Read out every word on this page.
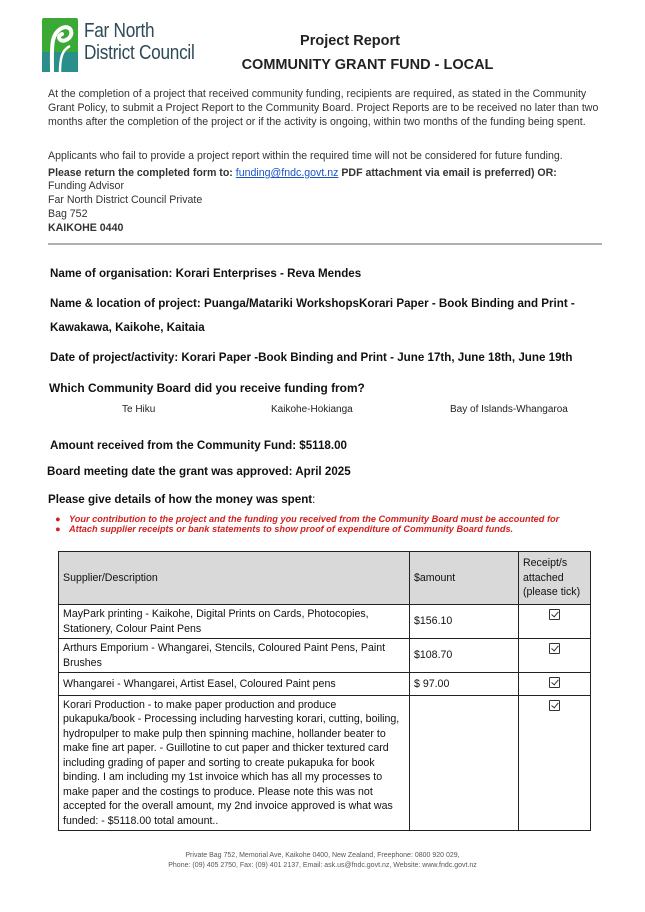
Far North
District Council
Project Report
COMMUNITY GRANT FUND - LOCAL
At the completion of a project that received community funding, recipients are required, as stated in the Community Grant Policy, to submit a Project Report to the Community Board. Project Reports are to be received no later than two months after the completion of the project or if the activity is ongoing, within two months of the funding being spent.
Applicants who fail to provide a project report within the required time will not be considered for future funding.
Please return the completed form to: funding@fndc.govt.nz PDF attachment via email is preferred) OR:
Funding Advisor
Far North District Council Private
Bag 752
KAIKOHE 0440
Name of organisation: Korari Enterprises - Reva Mendes
Name & location of project: Puanga/Matariki WorkshopsKorari Paper - Book Binding and Print -
Kawakawa, Kaikohe, Kaitaia
Date of project/activity: Korari Paper -Book Binding and Print - June 17th, June 18th, June 19th
Which Community Board did you receive funding from?
Te Hiku	Kaikohe-Hokianga	Bay of Islands-Whangaroa
Amount received from the Community Fund: $5118.00
Board meeting date the grant was approved: April 2025
Please give details of how the money was spent:
● Your contribution to the project and the funding you received from the Community Board must be accounted for
● Attach supplier receipts or bank statements to show proof of expenditure of Community Board funds.
Supplier/Description	$amount	Receipt/s attached (please tick)
MayPark printing - Kaikohe, Digital Prints on Cards, Photocopies, Stationery, Colour Paint Pens	$156.10	
Arthurs Emporium - Whangarei, Stencils, Coloured Paint Pens, Paint Brushes	$108.70	
Whangarei - Whangarei, Artist Easel, Coloured Paint pens	$ 97.00	
Korari Production - to make paper production and produce pukapuka/book - Processing including harvesting korari, cutting, boiling, hydropulper to make pulp then spinning machine, hollander beater to make fine art paper. - Guillotine to cut paper and thicker textured card including grading of paper and sorting to create pukapuka for book binding. I am including my 1st invoice which has all my processes to make paper and the costings to produce. Please note this was not accepted for the overall amount, my 2nd invoice approved is what was funded: - $5118.00 total amount..		
Private Bag 752, Memorial Ave, Kaikohe 0400, New Zealand, Freephone: 0800 920 029,
Phone: (09) 405 2750, Fax: (09) 401 2137, Email: ask.us@fndc.govt.nz, Website: www.fndc.govt.nz
